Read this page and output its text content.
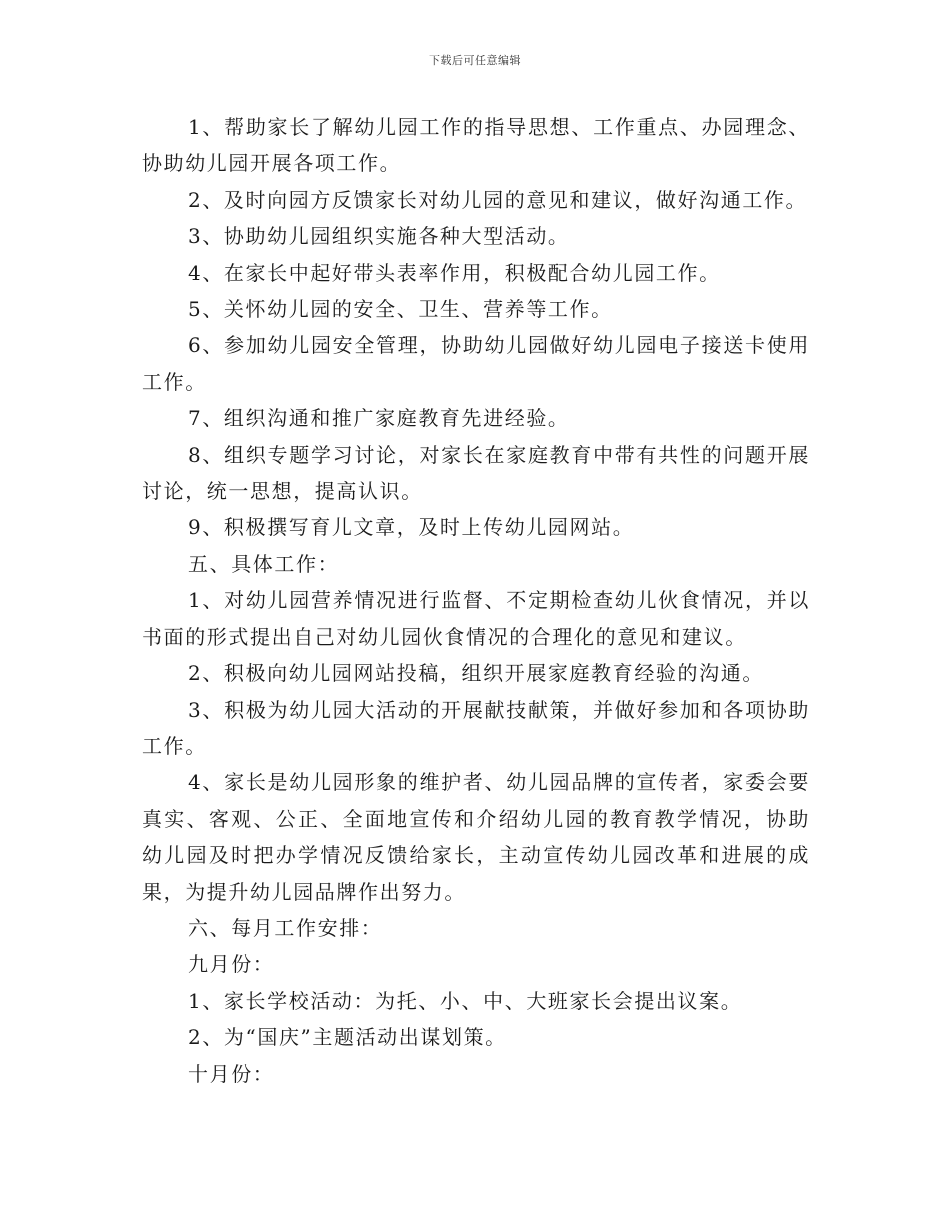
下载后可任意编辑

1、帮助家长了解幼儿园工作的指导思想、工作重点、办园理念、协助幼儿园开展各项工作。

2、及时向园方反馈家长对幼儿园的意见和建议，做好沟通工作。

3、协助幼儿园组织实施各种大型活动。

4、在家长中起好带头表率作用，积极配合幼儿园工作。

5、关怀幼儿园的安全、卫生、营养等工作。

6、参加幼儿园安全管理，协助幼儿园做好幼儿园电子接送卡使用工作。

7、组织沟通和推广家庭教育先进经验。

8、组织专题学习讨论，对家长在家庭教育中带有共性的问题开展讨论，统一思想，提高认识。

9、积极撰写育儿文章，及时上传幼儿园网站。

五、具体工作：

1、对幼儿园营养情况进行监督、不定期检查幼儿伙食情况，并以书面的形式提出自己对幼儿园伙食情况的合理化的意见和建议。

2、积极向幼儿园网站投稿，组织开展家庭教育经验的沟通。

3、积极为幼儿园大活动的开展献技献策，并做好参加和各项协助工作。

4、家长是幼儿园形象的维护者、幼儿园品牌的宣传者，家委会要真实、客观、公正、全面地宣传和介绍幼儿园的教育教学情况，协助幼儿园及时把办学情况反馈给家长，主动宣传幼儿园改革和进展的成果，为提升幼儿园品牌作出努力。

六、每月工作安排：

九月份：

1、家长学校活动：为托、小、中、大班家长会提出议案。

2、为“国庆”主题活动出谋划策。

十月份：
